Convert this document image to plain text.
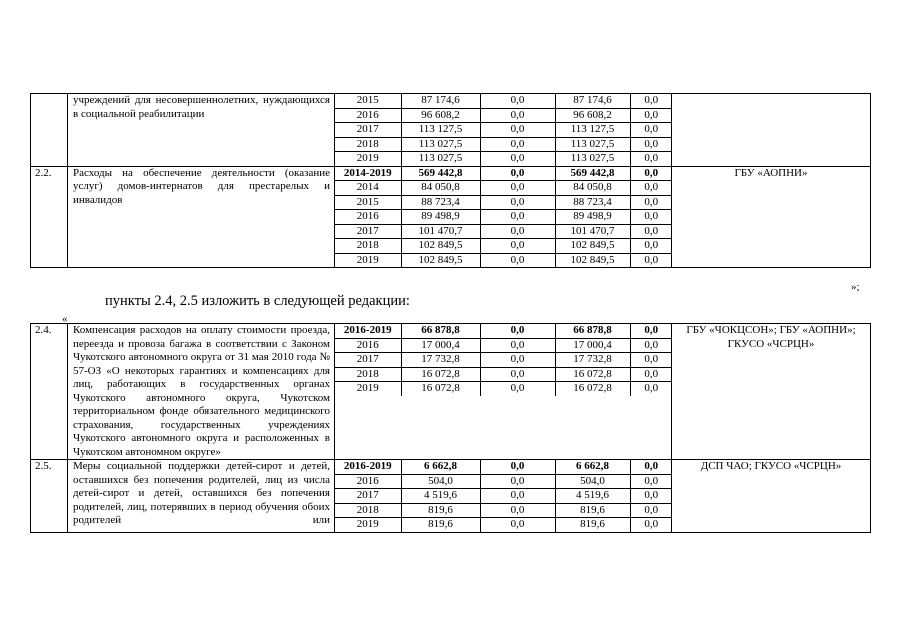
	учреждений для несовершеннолетних, нуждающихся в социальной реабилитации	
2015	87 174,6	0,0	87 174,6	0,0
2016	96 608,2	0,0	96 608,2	0,0
2017	113 127,5	0,0	113 127,5	0,0
2018	113 027,5	0,0	113 027,5	0,0
2019	113 027,5	0,0	113 027,5	0,0

2.2.	Расходы на обеспечение деятельности (оказание услуг) домов-интернатов для престарелых и инвалидов	
2014-2019	569 442,8	0,0	569 442,8	0,0
2014	84 050,8	0,0	84 050,8	0,0
2015	88 723,4	0,0	88 723,4	0,0
2016	89 498,9	0,0	89 498,9	0,0
2017	101 470,7	0,0	101 470,7	0,0
2018	102 849,5	0,0	102 849,5	0,0
2019	102 849,5	0,0	102 849,5	0,0
	ГБУ «АОПНИ»
»;
пункты 2.4, 2.5 изложить в следующей редакции:
«
2.4.	Компенсация расходов на оплату стоимости проезда, переезда и провоза багажа в соответствии с Законом Чукотского автономного округа от 31 мая 2010 года № 57-ОЗ «О некоторых гарантиях и компенсациях для лиц, работающих в государственных органах Чукотского автономного округа, Чукотском территориальном фонде обязательного медицинского страхования, государственных учреждениях Чукотского автономного округа и расположенных в Чукотском автономном округе»	
2016-2019	66 878,8	0,0	66 878,8	0,0
2016	17 000,4	0,0	17 000,4	0,0
2017	17 732,8	0,0	17 732,8	0,0
2018	16 072,8	0,0	16 072,8	0,0
2019	16 072,8	0,0	16 072,8	0,0
	ГБУ «ЧОКЦСОН»; ГБУ «АОПНИ»; ГКУСО «ЧСРЦН»
2.5.	Меры социальной поддержки детей-сирот и детей, оставшихся без попечения родителей, лиц из числа детей-сирот и детей, оставшихся без попечения родителей, лиц, потерявших в период обучения обоих родителей или	
2016-2019	6 662,8	0,0	6 662,8	0,0
2016	504,0	0,0	504,0	0,0
2017	4 519,6	0,0	4 519,6	0,0
2018	819,6	0,0	819,6	0,0
2019	819,6	0,0	819,6	0,0
	ДСП ЧАО; ГКУСО «ЧСРЦН»
